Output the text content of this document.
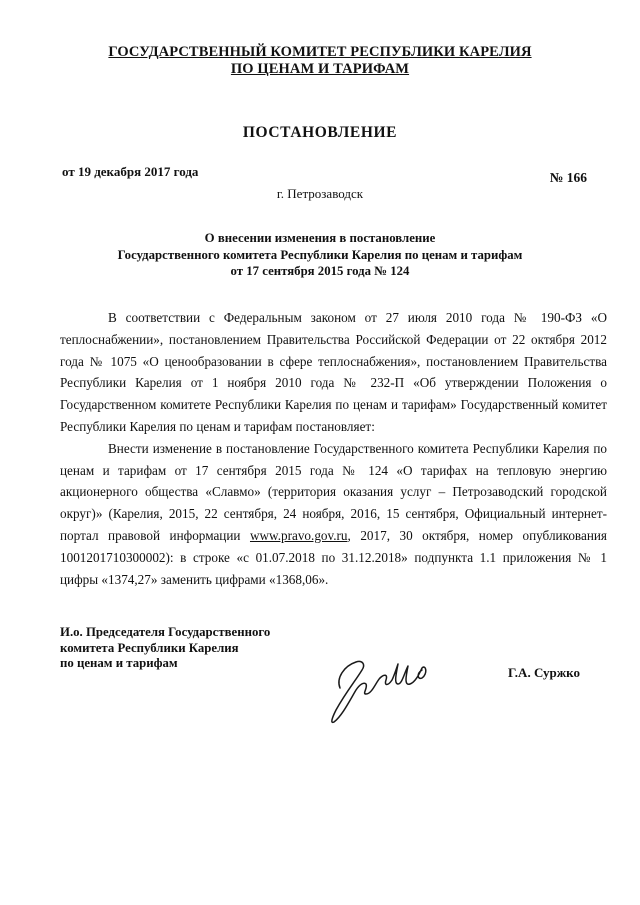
ГОСУДАРСТВЕННЫЙ КОМИТЕТ РЕСПУБЛИКИ КАРЕЛИЯ
ПО ЦЕНАМ И ТАРИФАМ
ПОСТАНОВЛЕНИЕ
от 19 декабря 2017 года	№ 166
г. Петрозаводск
О внесении изменения в постановление
Государственного комитета Республики Карелия по ценам и тарифам
от 17 сентября 2015 года № 124

В соответствии с Федеральным законом от 27 июля 2010 года № 190-ФЗ «О теплоснабжении», постановлением Правительства Российской Федерации от 22 октября 2012 года № 1075 «О ценообразовании в сфере теплоснабжения», постановлением Правительства Республики Карелия от 1 ноября 2010 года № 232-П «Об утверждении Положения о Государственном комитете Республики Карелия по ценам и тарифам» Государственный комитет Республики Карелия по ценам и тарифам постановляет:

Внести изменение в постановление Государственного комитета Республики Карелия по ценам и тарифам от 17 сентября 2015 года № 124 «О тарифах на тепловую энергию акционерного общества «Славмо» (территория оказания услуг – Петрозаводский городской округ)» (Карелия, 2015, 22 сентября, 24 ноября, 2016, 15 сентября, Официальный интернет-портал правовой информации www.pravo.gov.ru, 2017, 30 октября, номер опубликования 1001201710300002): в строке «с 01.07.2018 по 31.12.2018» подпункта 1.1 приложения № 1 цифры «1374,27» заменить цифрами «1368,06».

И.о. Председателя Государственного
комитета Республики Карелия
по ценам и тарифам
Г.А. Суржко
